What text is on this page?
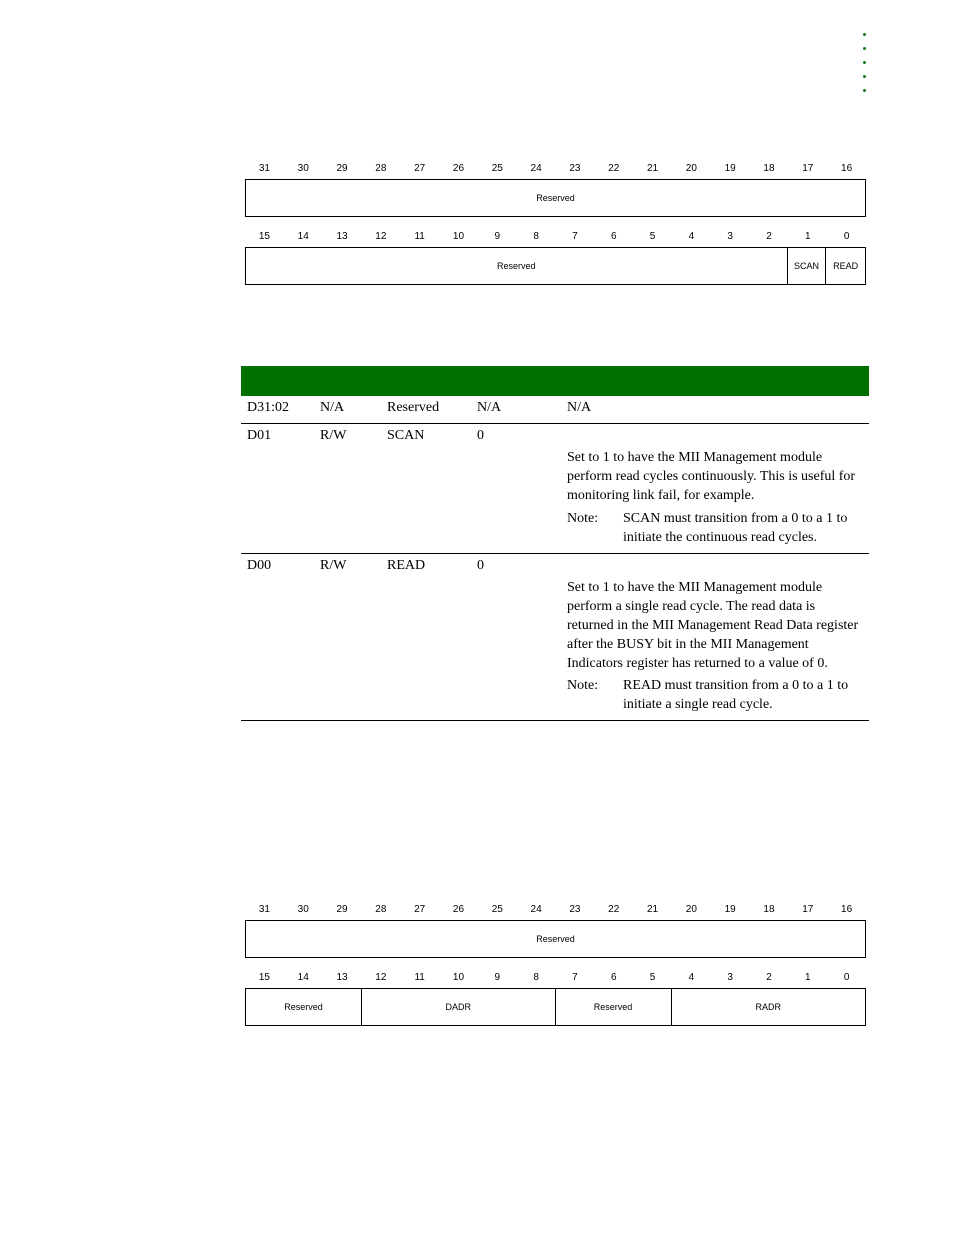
31	30	29	28	27	26	25	24	23	22	21	20	19	18	17	16
Reserved
15	14	13	12	11	10	9	8	7	6	5	4	3	2	1	0
Reserved	SCAN	READ
D31:02 N/A	Reserved	N/A	N/A
D01	R/W	SCAN	0
Set to 1 to have the MII Management module perform read cycles continuously. This is useful for monitoring link fail, for example.
Note: SCAN must transition from a 0 to a 1 to initiate the continuous read cycles.
D00	R/W	READ	0
Set to 1 to have the MII Management module perform a single read cycle. The read data is returned in the MII Management Read Data register after the BUSY bit in the MII Management Indicators register has returned to a value of 0.
Note: READ must transition from a 0 to a 1 to initiate a single read cycle.
31	30	29	28	27	26	25	24	23	22	21	20	19	18	17	16
Reserved
15	14	13	12	11	10	9	8	7	6	5	4	3	2	1	0
Reserved	DADR	Reserved	RADR
